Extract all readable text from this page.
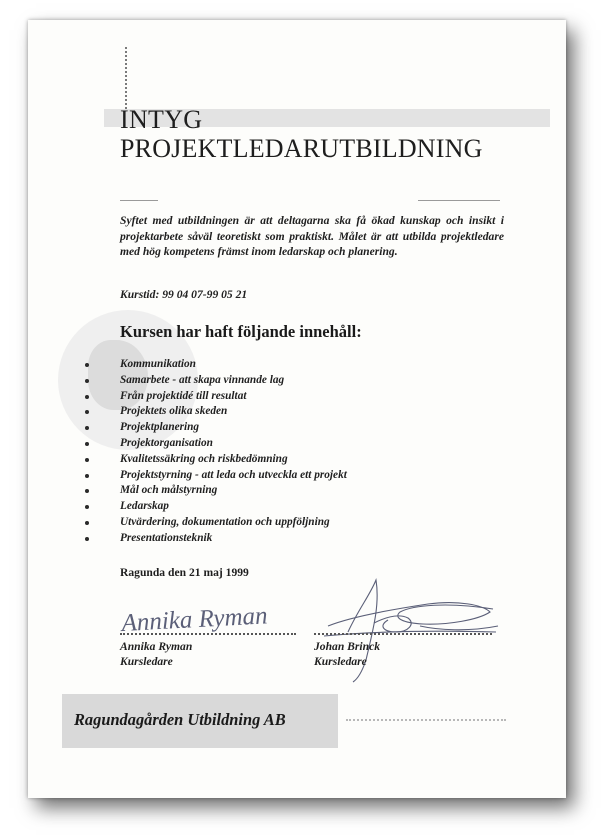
INTYG
PROJEKTLEDARUTBILDNING
Syftet med utbildningen är att deltagarna ska få ökad kunskap och insikt i projektarbete såväl teoretiskt som praktiskt. Målet är att utbilda projektledare med hög kompetens främst inom ledarskap och planering.
Kurstid: 99 04 07-99 05 21
Kursen har haft följande innehåll:
Kommunikation
Samarbete - att skapa vinnande lag
Från projektidé till resultat
Projektets olika skeden
Projektplanering
Projektorganisation
Kvalitetssäkring och riskbedömning
Projektstyrning - att leda och utveckla ett projekt
Mål och målstyrning
Ledarskap
Utvärdering, dokumentation och uppföljning
Presentationsteknik
Ragunda den 21 maj 1999
Annika Ryman
Annika Ryman
Kursledare
Johan Brinck
Kursledare
Ragundagården Utbildning AB
